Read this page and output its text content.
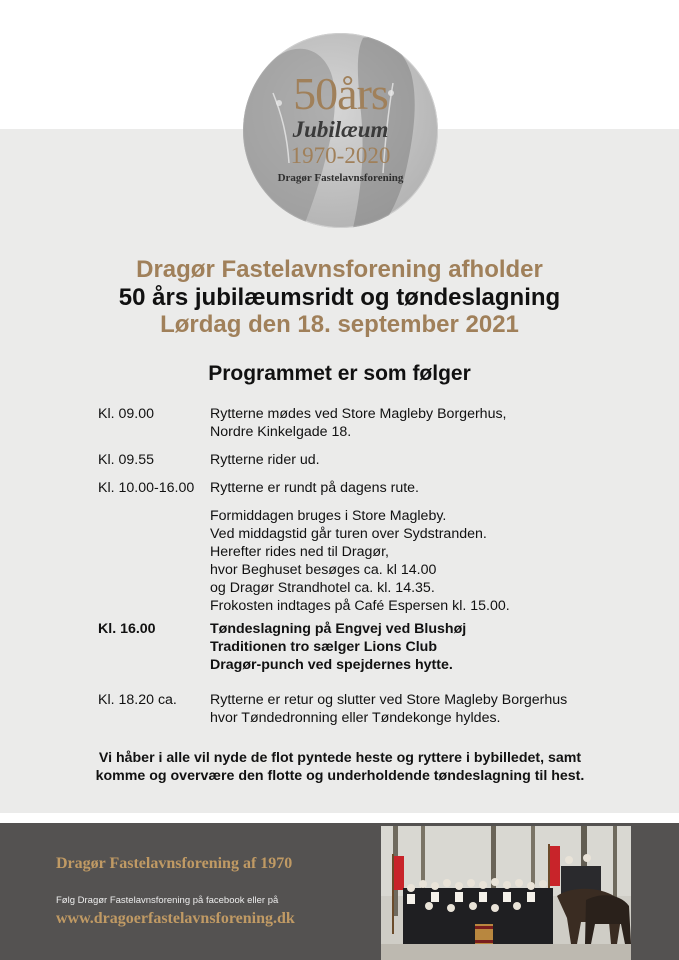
50års
Jubilæum
1970-2020
Dragør Fastelavnsforening
Dragør Fastelavnsforening afholder
50 års jubilæumsridt og tøndeslagning
Lørdag den 18. september 2021
Programmet er som følger
Kl. 09.00	Rytterne mødes ved Store Magleby Borgerhus,
Nordre Kinkelgade 18.
Kl. 09.55	Rytterne rider ud.
Kl. 10.00-16.00 Rytterne er rundt på dagens rute.
Formiddagen bruges i Store Magleby.
Ved middagstid går turen over Sydstranden.
Herefter rides ned til Dragør,
hvor Beghuset besøges ca. kl 14.00
og Dragør Strandhotel ca. kl. 14.35.
Frokosten indtages på Café Espersen kl. 15.00.
Kl. 16.00	Tøndeslagning på Engvej ved Blushøj
Traditionen tro sælger Lions Club
Dragør-punch ved spejdernes hytte.
Kl. 18.20 ca. Rytterne er retur og slutter ved Store Magleby Borgerhus
hvor Tøndedronning eller Tøndekonge hyldes.
Vi håber i alle vil nyde de flot pyntede heste og ryttere i bybilledet, samt
komme og overvære den flotte og underholdende tøndeslagning til hest.
Dragør Fastelavnsforening af 1970
Følg Dragør Fastelavnsforening på facebook eller på
www.dragoerfastelavnsforening.dk
